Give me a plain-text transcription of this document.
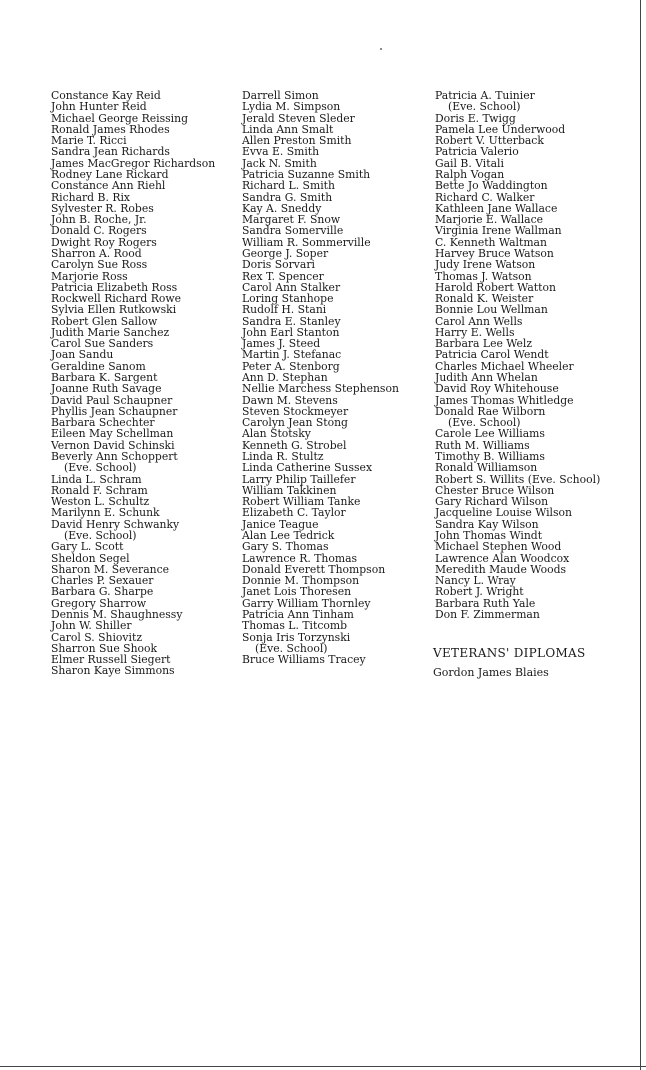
Constance Kay Reid
John Hunter Reid
Michael George Reissing
Ronald James Rhodes
Marie T. Ricci
Sandra Jean Richards
James MacGregor Richardson
Rodney Lane Rickard
Constance Ann Riehl
Richard B. Rix
Sylvester R. Robes
John B. Roche, Jr.
Donald C. Rogers
Dwight Roy Rogers
Sharron A. Rood
Carolyn Sue Ross
Marjorie Ross
Patricia Elizabeth Ross
Rockwell Richard Rowe
Sylvia Ellen Rutkowski
Robert Glen Sallow
Judith Marie Sanchez
Carol Sue Sanders
Joan Sandu
Geraldine Sanom
Barbara K. Sargent
Joanne Ruth Savage
David Paul Schaupner
Phyllis Jean Schaupner
Barbara Schechter
Eileen May Schellman
Vernon David Schinski
Beverly Ann Schoppert
(Eve. School)
Linda L. Schram
Ronald F. Schram
Weston L. Schultz
Marilynn E. Schunk
David Henry Schwanky
(Eve. School)
Gary L. Scott
Sheldon Segel
Sharon M. Severance
Charles P. Sexauer
Barbara G. Sharpe
Gregory Sharrow
Dennis M. Shaughnessy
John W. Shiller
Carol S. Shiovitz
Sharron Sue Shook
Elmer Russell Siegert
Sharon Kaye Simmons
Darrell Simon
Lydia M. Simpson
Jerald Steven Sleder
Linda Ann Smalt
Allen Preston Smith
Evva E. Smith
Jack N. Smith
Patricia Suzanne Smith
Richard L. Smith
Sandra G. Smith
Kay A. Sneddy
Margaret F. Snow
Sandra Somerville
William R. Sommerville
George J. Soper
Doris Sorvari
Rex T. Spencer
Carol Ann Stalker
Loring Stanhope
Rudolf H. Stani
Sandra E. Stanley
John Earl Stanton
James J. Steed
Martin J. Stefanac
Peter A. Stenborg
Ann D. Stephan
Nellie Marchess Stephenson
Dawn M. Stevens
Steven Stockmeyer
Carolyn Jean Stong
Alan Stotsky
Kenneth G. Strobel
Linda R. Stultz
Linda Catherine Sussex
Larry Philip Taillefer
William Takkinen
Robert William Tanke
Elizabeth C. Taylor
Janice Teague
Alan Lee Tedrick
Gary S. Thomas
Lawrence R. Thomas
Donald Everett Thompson
Donnie M. Thompson
Janet Lois Thoresen
Garry William Thornley
Patricia Ann Tinham
Thomas L. Titcomb
Sonja Iris Torzynski
(Eve. School)
Bruce Williams Tracey
Patricia A. Tuinier
(Eve. School)
Doris E. Twigg
Pamela Lee Underwood
Robert V. Utterback
Patricia Valerio
Gail B. Vitali
Ralph Vogan
Bette Jo Waddington
Richard C. Walker
Kathleen Jane Wallace
Marjorie E. Wallace
Virginia Irene Wallman
C. Kenneth Waltman
Harvey Bruce Watson
Judy Irene Watson
Thomas J. Watson
Harold Robert Watton
Ronald K. Weister
Bonnie Lou Wellman
Carol Ann Wells
Harry E. Wells
Barbara Lee Welz
Patricia Carol Wendt
Charles Michael Wheeler
Judith Ann Whelan
David Roy Whitehouse
James Thomas Whitledge
Donald Rae Wilborn
(Eve. School)
Carole Lee Williams
Ruth M. Williams
Timothy B. Williams
Ronald Williamson
Robert S. Willits (Eve. School)
Chester Bruce Wilson
Gary Richard Wilson
Jacqueline Louise Wilson
Sandra Kay Wilson
John Thomas Windt
Michael Stephen Wood
Lawrence Alan Woodcox
Meredith Maude Woods
Nancy L. Wray
Robert J. Wright
Barbara Ruth Yale
Don F. Zimmerman
VETERANS' DIPLOMAS
Gordon James Blaies
